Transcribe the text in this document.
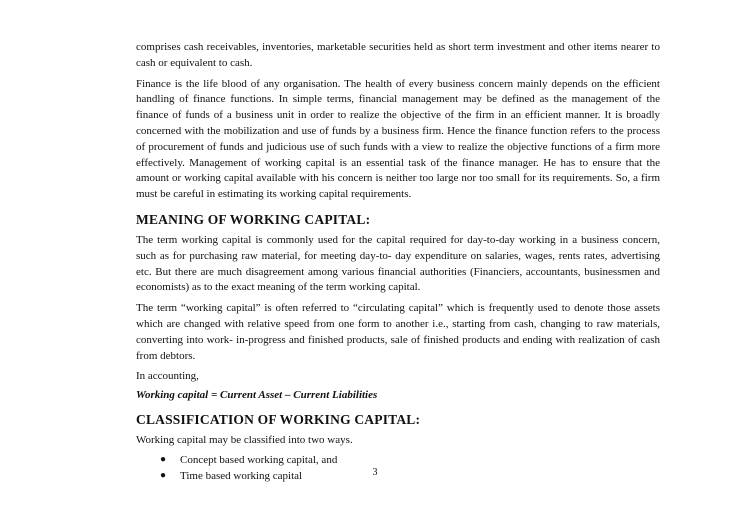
comprises cash receivables, inventories, marketable securities held as short term investment and other items nearer to cash or equivalent to cash.

Finance is the life blood of any organisation. The health of every business concern mainly depends on the efficient handling of finance functions. In simple terms, financial management may be defined as the management of the finance of funds of a business unit in order to realize the objective of the firm in an efficient manner. It is broadly concerned with the mobilization and use of funds by a business firm. Hence the finance function refers to the process of procurement of funds and judicious use of such funds with a view to realize the objective functions of a firm more effectively. Management of working capital is an essential task of the finance manager. He has to ensure that the amount or working capital available with his concern is neither too large nor too small for its requirements. So, a firm must be careful in estimating its working capital requirements.

MEANING OF WORKING CAPITAL:

The term working capital is commonly used for the capital required for day-to-day working in a business concern, such as for purchasing raw material, for meeting day-to- day expenditure on salaries, wages, rents rates, advertising etc. But there are much disagreement among various financial authorities (Financiers, accountants, businessmen and economists) as to the exact meaning of the term working capital.

The term “working capital” is often referred to “circulating capital” which is frequently used to denote those assets which are changed with relative speed from one form to another i.e., starting from cash, changing to raw materials, converting into work- in-progress and finished products, sale of finished products and ending with realization of cash from debtors.

In accounting,

Working capital = Current Asset – Current Liabilities

CLASSIFICATION OF WORKING CAPITAL:

Working capital may be classified into two ways.

● Concept based working capital, and
● Time based working capital	3
